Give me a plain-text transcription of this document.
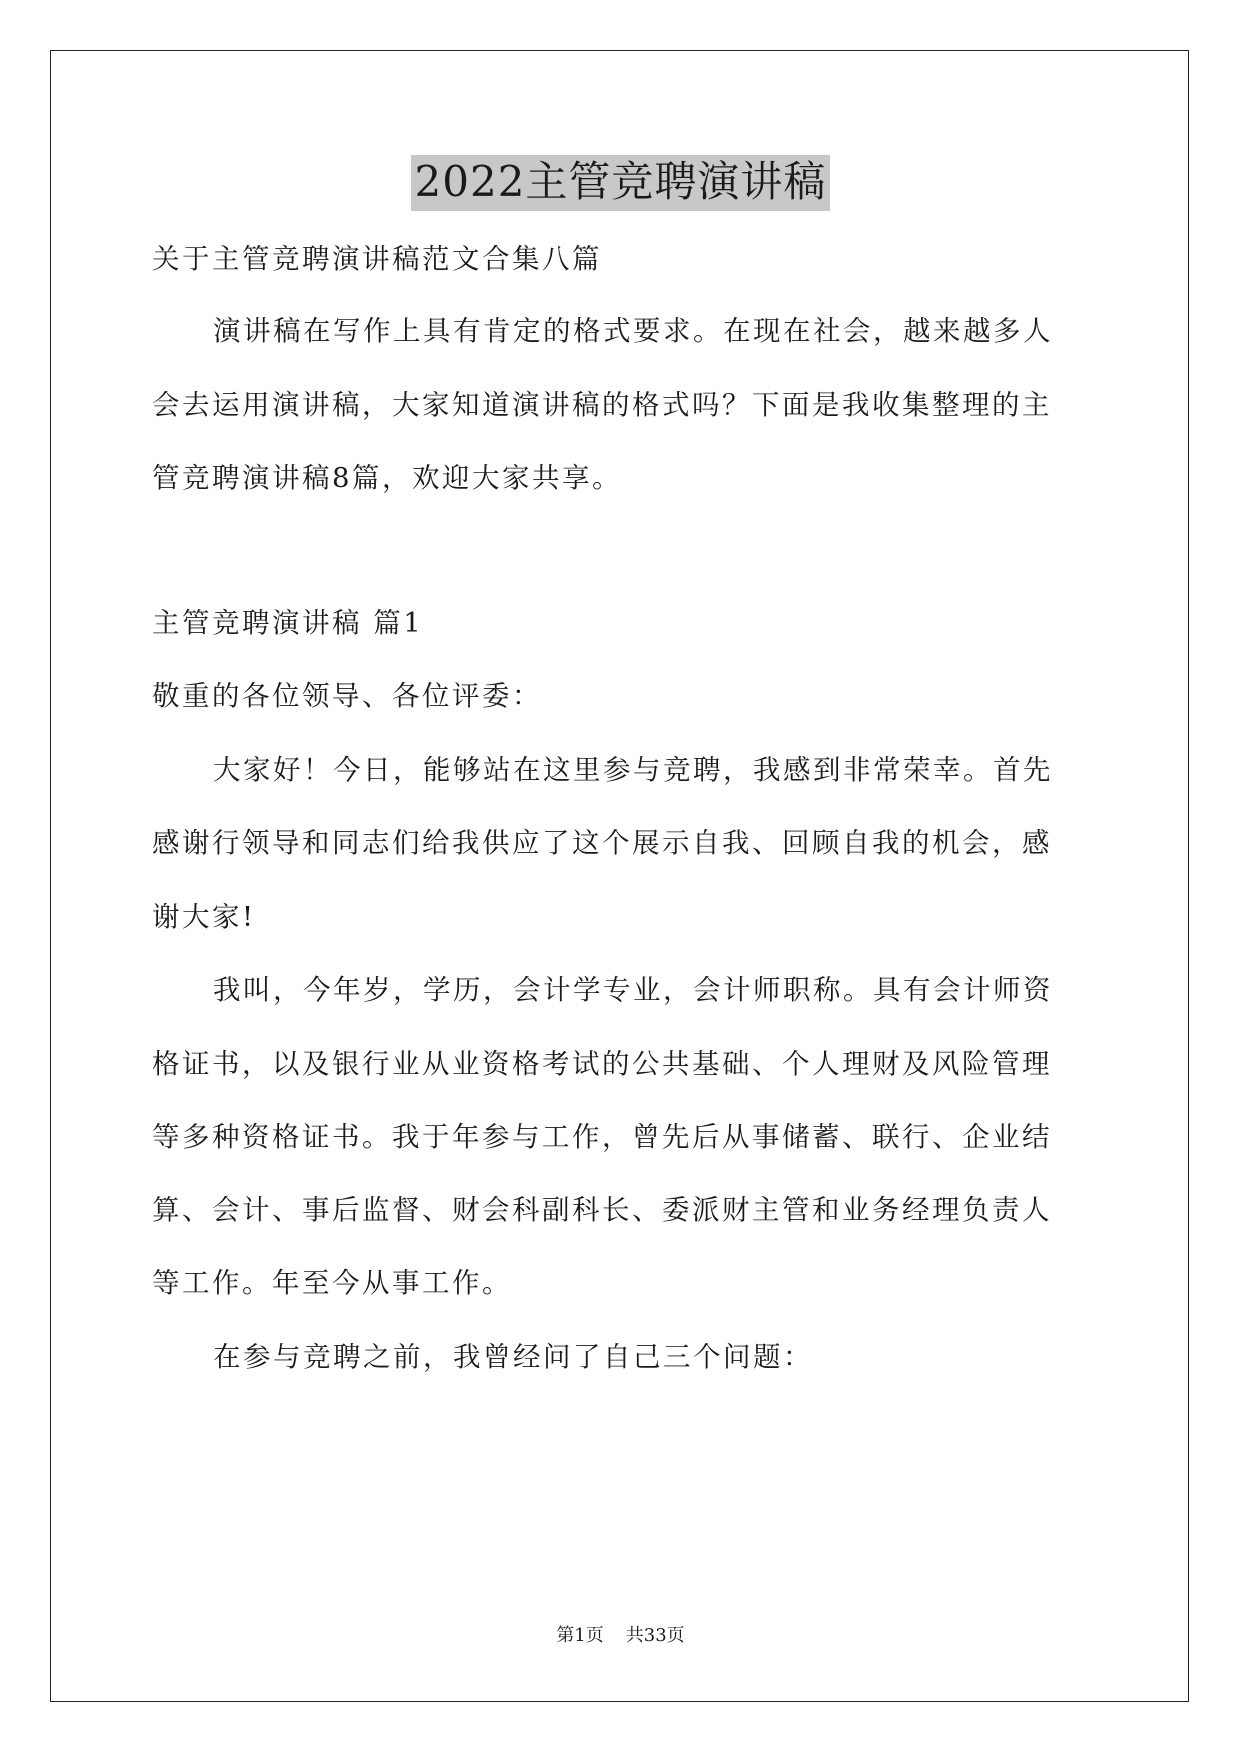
2022主管竞聘演讲稿

关于主管竞聘演讲稿范文合集八篇

演讲稿在写作上具有肯定的格式要求。在现在社会，越来越多人

会去运用演讲稿，大家知道演讲稿的格式吗？下面是我收集整理的主

管竞聘演讲稿8篇，欢迎大家共享。

主管竞聘演讲稿 篇1

敬重的各位领导、各位评委：

大家好！今日，能够站在这里参与竞聘，我感到非常荣幸。首先

感谢行领导和同志们给我供应了这个展示自我、回顾自我的机会，感

谢大家!

我叫，今年岁，学历，会计学专业，会计师职称。具有会计师资

格证书，以及银行业从业资格考试的公共基础、个人理财及风险管理

等多种资格证书。我于年参与工作，曾先后从事储蓄、联行、企业结

算、会计、事后监督、财会科副科长、委派财主管和业务经理负责人

等工作。年至今从事工作。

在参与竞聘之前，我曾经问了自己三个问题：

第1页 共33页
